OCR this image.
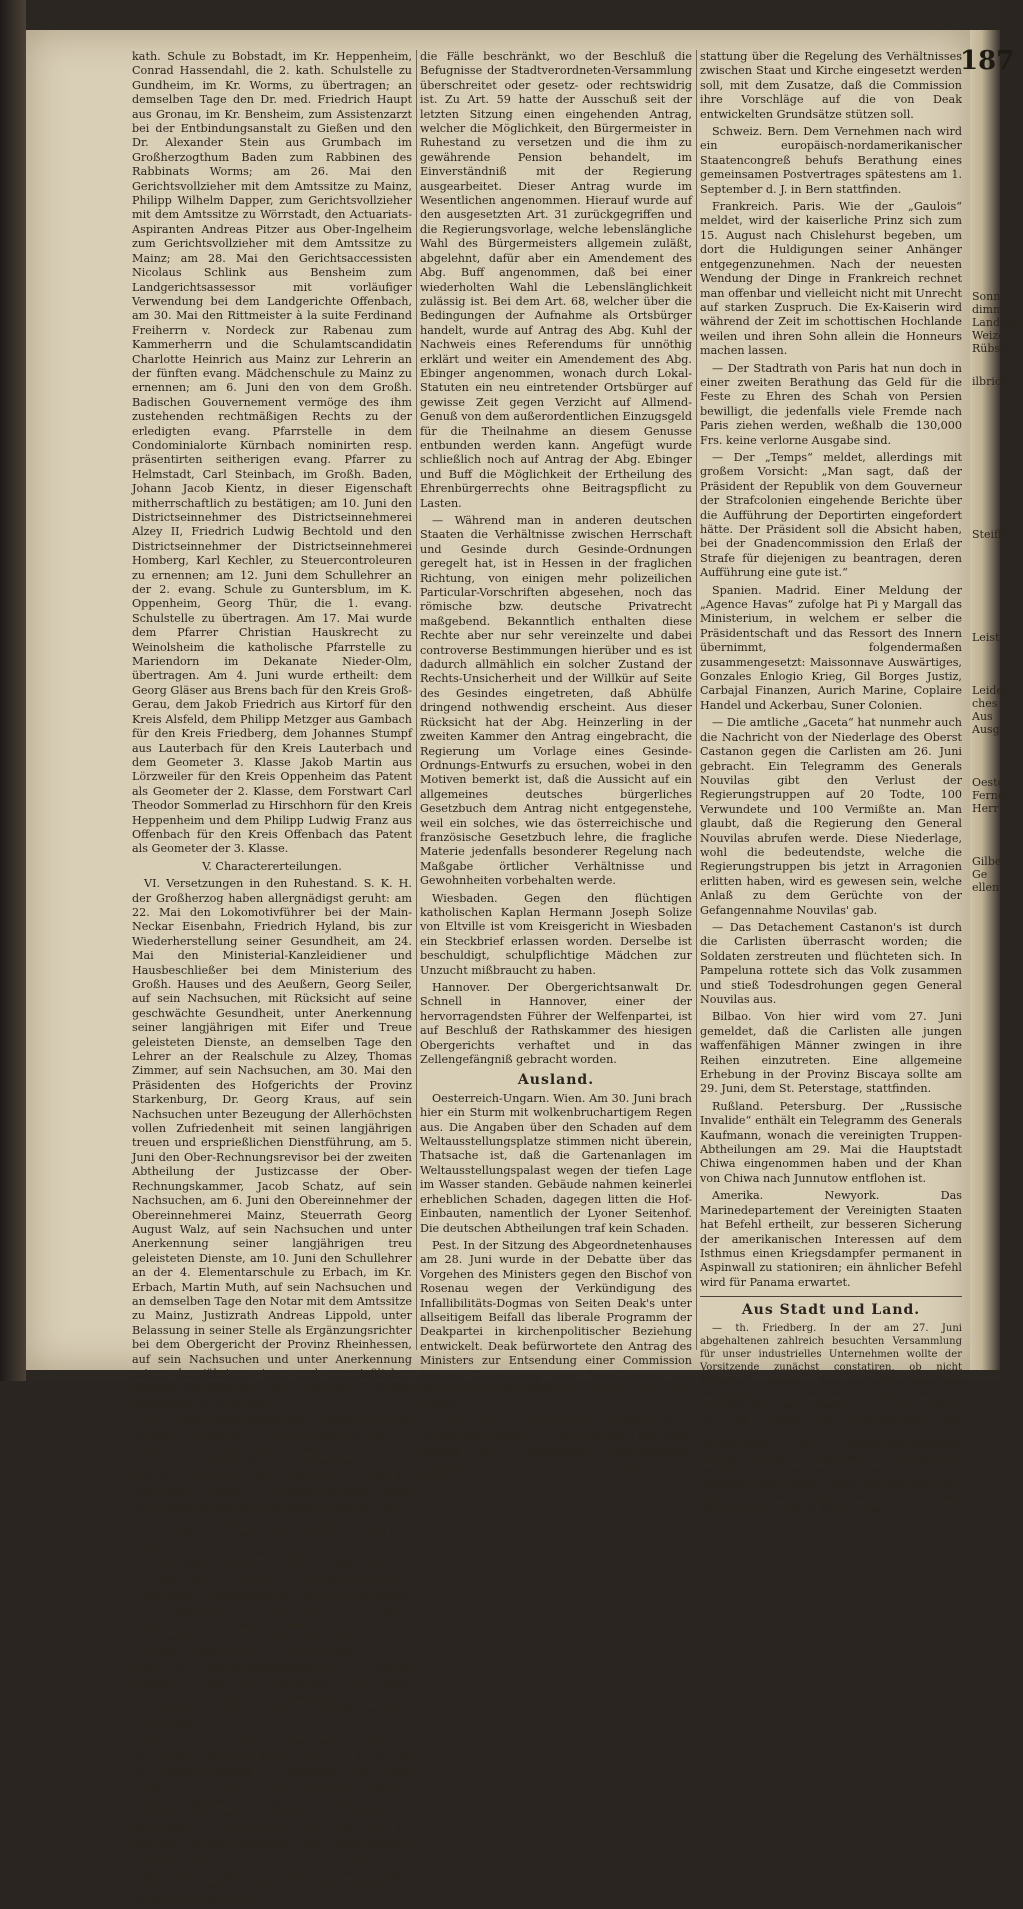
187

kath. Schule zu Bobstadt, im Kr. Heppenheim, Conrad Hassendahl, die 2. kath. Schulstelle zu Gundheim, im Kr. Worms, zu übertragen; an demselben Tage den Dr. med. Friedrich Haupt aus Gronau, im Kr. Bensheim, zum Assistenzarzt bei der Entbindungsanstalt zu Gießen und den Dr. Alexander Stein aus Grumbach im Großherzogthum Baden zum Rabbinen des Rabbinats Worms; am 26. Mai den Gerichtsvollzieher mit dem Amtssitze zu Mainz, Philipp Wilhelm Dapper, zum Gerichtsvollzieher mit dem Amtssitze zu Wörrstadt, den Actuariats-Aspiranten Andreas Pitzer aus Ober-Ingelheim zum Gerichtsvollzieher mit dem Amtssitze zu Mainz; am 28. Mai den Gerichtsaccessisten Nicolaus Schlink aus Bensheim zum Landgerichtsassessor mit vorläufiger Verwendung bei dem Landgerichte Offenbach, am 30. Mai den Rittmeister à la suite Ferdinand Freiherrn v. Nordeck zur Rabenau zum Kammerherrn und die Schulamtscandidatin Charlotte Heinrich aus Mainz zur Lehrerin an der fünften evang. Mädchenschule zu Mainz zu ernennen; am 6. Juni den von dem Großh. Badischen Gouvernement vermöge des ihm zustehenden rechtmäßigen Rechts zu der erledigten evang. Pfarrstelle in dem Condominialorte Kürnbach nominirten resp. präsentirten seitherigen evang. Pfarrer zu Helmstadt, Carl Steinbach, im Großh. Baden, Johann Jacob Kientz, in dieser Eigenschaft mitherrschaftlich zu bestätigen; am 10. Juni den Districtseinnehmer des Districtseinnehmerei Alzey II, Friedrich Ludwig Bechtold und den Districtseinnehmer der Districtseinnehmerei Homberg, Karl Kechler, zu Steuercontroleuren zu ernennen; am 12. Juni dem Schullehrer an der 2. evang. Schule zu Guntersblum, im K. Oppenheim, Georg Thür, die 1. evang. Schulstelle zu übertragen. Am 17. Mai wurde dem Pfarrer Christian Hauskrecht zu Weinolsheim die katholische Pfarrstelle zu Mariendorn im Dekanate Nieder-Olm, übertragen. Am 4. Juni wurde ertheilt: dem Georg Gläser aus Brens bach für den Kreis Groß-Gerau, dem Jakob Friedrich aus Kirtorf für den Kreis Alsfeld, dem Philipp Metzger aus Gambach für den Kreis Friedberg, dem Johannes Stumpf aus Lauterbach für den Kreis Lauterbach und dem Geometer 3. Klasse Jakob Martin aus Lörzweiler für den Kreis Oppenheim das Patent als Geometer der 2. Klasse, dem Forstwart Carl Theodor Sommerlad zu Hirschhorn für den Kreis Heppenheim und dem Philipp Ludwig Franz aus Offenbach für den Kreis Offenbach das Patent als Geometer der 3. Klasse.

V. Charactererteilungen.

VI. Versetzungen in den Ruhestand. S. K. H. der Großherzog haben allergnädigst geruht: am 22. Mai den Lokomotivführer bei der Main-Neckar Eisenbahn, Friedrich Hyland, bis zur Wiederherstellung seiner Gesundheit, am 24. Mai den Ministerial-Kanzleidiener und Hausbeschließer bei dem Ministerium des Großh. Hauses und des Aeußern, Georg Seiler, auf sein Nachsuchen, mit Rücksicht auf seine geschwächte Gesundheit, unter Anerkennung seiner langjährigen mit Eifer und Treue geleisteten Dienste, an demselben Tage den Lehrer an der Realschule zu Alzey, Thomas Zimmer, auf sein Nachsuchen, am 30. Mai den Präsidenten des Hofgerichts der Provinz Starkenburg, Dr. Georg Kraus, auf sein Nachsuchen unter Bezeugung der Allerhöchsten vollen Zufriedenheit mit seinen langjährigen treuen und ersprießlichen Dienstführung, am 5. Juni den Ober-Rechnungsrevisor bei der zweiten Abtheilung der Justizcasse der Ober-Rechnungskammer, Jacob Schatz, auf sein Nachsuchen, am 6. Juni den Obereinnehmer der Obereinnehmerei Mainz, Steuerrath Georg August Walz, auf sein Nachsuchen und unter Anerkennung seiner langjährigen treu geleisteten Dienste, am 10. Juni den Schullehrer an der 4. Elementarschule zu Erbach, im Kr. Erbach, Martin Muth, auf sein Nachsuchen und an demselben Tage den Notar mit dem Amtssitze zu Mainz, Justizrath Andreas Lippold, unter Belassung in seiner Stelle als Ergänzungsrichter bei dem Obergericht der Provinz Rheinhessen, auf sein Nachsuchen und unter Anerkennung seiner langjährigen treu und ersprießlichen Dienste, mit Wirkung vom 1. August l. J. in den Ruhestand zu versetzen.

VII. Concurrenzeröffnungen. Erledigt sind: die evang. Schulstelle zu Groß-Ellenbach, im Kr. Lindenfels, mit einem jährl. Gehalte von 400 fl.; die evang. Schulstelle zu Gammelsbach, im Kr. Erbach, mit einem jährl. Gehalte von 400 fl.; dem Herrn Grafen zu Erbach-Fürstenau steht das Präsentationsrecht zu dieser Stelle zu; die 3. evang. Schulstelle zu Oberstadt, im Kr. Darmstadt, mit einem jährl. Gehalte von 650 fl.

VIII. Sterbefälle. Gestorben sind: am 14. Mai der Schullehrer Heinrich Raeß zu Offenbach; am 17. Mai der pensionirte Landgerichts-Actuar Schnauber zu Reinheim; am 26. der Schullehrer Paul Ziegelbauer zu Worms; am 30. der pens. Substitut des General-Staatsprocurators am Obergericht der Provinz Rheinhessen, Dr. Cornelius Balkenberg zu Heppenheim; am 5. Juni der Obereichungsinspector 1. Klasse Heinrich Weiß zu Darmstadt, ein pens. Gensdarm Johann Frauenheimer II. zu Ulrichstein; am 14. der Districtseinnehmer Keim zu Friedberg.

Darmstadt, 30. Juni. In der heutigen Sitzung der zweiten Kammer kamen die Art. 49 bis 68 der Städte-Ordnung zur Annahme, und zwar wesentlich in der von der Ausschuß-Majorität vorgeschlagenen Fassung, soweit nicht einfach Annahme der Regierungsvorlage beantragt war. Wir heben im Uebrigen nur hervor: Bei Art. 49, welcher von den Geschäften des Bürgermeisters handelt, wird das den letzteren nach der Regierungs-Vorlage zu gebende beabsichtigte Recht zur Beanstandung von Beschlüssen der Stadtverordneten auf

die Fälle beschränkt, wo der Beschluß die Befugnisse der Stadtverordneten-Versammlung überschreitet oder gesetz- oder rechtswidrig ist. Zu Art. 59 hatte der Ausschuß seit der letzten Sitzung einen eingehenden Antrag, welcher die Möglichkeit, den Bürgermeister in Ruhestand zu versetzen und die ihm zu gewährende Pension behandelt, im Einverständniß mit der Regierung ausgearbeitet. Dieser Antrag wurde im Wesentlichen angenommen. Hierauf wurde auf den ausgesetzten Art. 31 zurückgegriffen und die Regierungsvorlage, welche lebenslängliche Wahl des Bürgermeisters allgemein zuläßt, abgelehnt, dafür aber ein Amendement des Abg. Buff angenommen, daß bei einer wiederholten Wahl die Lebenslänglichkeit zulässig ist. Bei dem Art. 68, welcher über die Bedingungen der Aufnahme als Ortsbürger handelt, wurde auf Antrag des Abg. Kuhl der Nachweis eines Referendums für unnöthig erklärt und weiter ein Amendement des Abg. Ebinger angenommen, wonach durch Lokal-Statuten ein neu eintretender Ortsbürger auf gewisse Zeit gegen Verzicht auf Allmend-Genuß von dem außerordentlichen Einzugsgeld für die Theilnahme an diesem Genusse entbunden werden kann. Angefügt wurde schließlich noch auf Antrag der Abg. Ebinger und Buff die Möglichkeit der Ertheilung des Ehrenbürgerrechts ohne Beitragspflicht zu Lasten.

— Während man in anderen deutschen Staaten die Verhältnisse zwischen Herrschaft und Gesinde durch Gesinde-Ordnungen geregelt hat, ist in Hessen in der fraglichen Richtung, von einigen mehr polizeilichen Particular-Vorschriften abgesehen, noch das römische bzw. deutsche Privatrecht maßgebend. Bekanntlich enthalten diese Rechte aber nur sehr vereinzelte und dabei controverse Bestimmungen hierüber und es ist dadurch allmählich ein solcher Zustand der Rechts-Unsicherheit und der Willkür auf Seite des Gesindes eingetreten, daß Abhülfe dringend nothwendig erscheint. Aus dieser Rücksicht hat der Abg. Heinzerling in der zweiten Kammer den Antrag eingebracht, die Regierung um Vorlage eines Gesinde-Ordnungs-Entwurfs zu ersuchen, wobei in den Motiven bemerkt ist, daß die Aussicht auf ein allgemeines deutsches bürgerliches Gesetzbuch dem Antrag nicht entgegenstehe, weil ein solches, wie das österreichische und französische Gesetzbuch lehre, die fragliche Materie jedenfalls besonderer Regelung nach Maßgabe örtlicher Verhältnisse und Gewohnheiten vorbehalten werde.

Wiesbaden. Gegen den flüchtigen katholischen Kaplan Hermann Joseph Solize von Eltville ist vom Kreisgericht in Wiesbaden ein Steckbrief erlassen worden. Derselbe ist beschuldigt, schulpflichtige Mädchen zur Unzucht mißbraucht zu haben.

Hannover. Der Obergerichtsanwalt Dr. Schnell in Hannover, einer der hervorragendsten Führer der Welfenpartei, ist auf Beschluß der Rathskammer des hiesigen Obergerichts verhaftet und in das Zellengefängniß gebracht worden.

Ausland.

Oesterreich-Ungarn. Wien. Am 30. Juni brach hier ein Sturm mit wolkenbruchartigem Regen aus. Die Angaben über den Schaden auf dem Weltausstellungsplatze stimmen nicht überein, Thatsache ist, daß die Gartenanlagen im Weltausstellungspalast wegen der tiefen Lage im Wasser standen. Gebäude nahmen keinerlei erheblichen Schaden, dagegen litten die Hof-Einbauten, namentlich der Lyoner Seitenhof. Die deutschen Abtheilungen traf kein Schaden.

Pest. In der Sitzung des Abgeordnetenhauses am 28. Juni wurde in der Debatte über das Vorgehen des Ministers gegen den Bischof von Rosenau wegen der Verkündigung des Infallibilitäts-Dogmas von Seiten Deak's unter allseitigem Beifall das liberale Programm der Deakpartei in kirchenpolitischer Beziehung entwickelt. Deak befürwortete den Antrag des Ministers zur Entsendung einer Commission behufs Einrichtung von Vorschlägen zur Regelung des Verhältnisses zwischen Staat und Kirche.

— Der ungarisch-kroatische Ausgleich ist zu Stande gekommen. — Das Unterhaus hat einen Antrag des Cultusministers angenommen, dahingehend, daß eine Commission zur Bericht-Er-

stattung über die Regelung des Verhältnisses zwischen Staat und Kirche eingesetzt werden soll, mit dem Zusatze, daß die Commission ihre Vorschläge auf die von Deak entwickelten Grundsätze stützen soll.

Schweiz. Bern. Dem Vernehmen nach wird ein europäisch-nordamerikanischer Staatencongreß behufs Berathung eines gemeinsamen Postvertrages spätestens am 1. September d. J. in Bern stattfinden.

Frankreich. Paris. Wie der „Gaulois“ meldet, wird der kaiserliche Prinz sich zum 15. August nach Chislehurst begeben, um dort die Huldigungen seiner Anhänger entgegenzunehmen. Nach der neuesten Wendung der Dinge in Frankreich rechnet man offenbar und vielleicht nicht mit Unrecht auf starken Zuspruch. Die Ex-Kaiserin wird während der Zeit im schottischen Hochlande weilen und ihren Sohn allein die Honneurs machen lassen.

— Der Stadtrath von Paris hat nun doch in einer zweiten Berathung das Geld für die Feste zu Ehren des Schah von Persien bewilligt, die jedenfalls viele Fremde nach Paris ziehen werden, weßhalb die 130,000 Frs. keine verlorne Ausgabe sind.

— Der „Temps“ meldet, allerdings mit großem Vorsicht: „Man sagt, daß der Präsident der Republik von dem Gouverneur der Strafcolonien eingehende Berichte über die Aufführung der Deportirten eingefordert hätte. Der Präsident soll die Absicht haben, bei der Gnadencommission den Erlaß der Strafe für diejenigen zu beantragen, deren Aufführung eine gute ist.“

Spanien. Madrid. Einer Meldung der „Agence Havas“ zufolge hat Pi y Margall das Ministerium, in welchem er selber die Präsidentschaft und das Ressort des Innern übernimmt, folgendermaßen zusammengesetzt: Maissonnave Auswärtiges, Gonzales Enlogio Krieg, Gil Borges Justiz, Carbajal Finanzen, Aurich Marine, Coplaire Handel und Ackerbau, Suner Colonien.

— Die amtliche „Gaceta“ hat nunmehr auch die Nachricht von der Niederlage des Oberst Castanon gegen die Carlisten am 26. Juni gebracht. Ein Telegramm des Generals Nouvilas gibt den Verlust der Regierungstruppen auf 20 Todte, 100 Verwundete und 100 Vermißte an. Man glaubt, daß die Regierung den General Nouvilas abrufen werde. Diese Niederlage, wohl die bedeutendste, welche die Regierungstruppen bis jetzt in Arragonien erlitten haben, wird es gewesen sein, welche Anlaß zu dem Gerüchte von der Gefangennahme Nouvilas' gab.

— Das Detachement Castanon's ist durch die Carlisten überrascht worden; die Soldaten zerstreuten und flüchteten sich. In Pampeluna rottete sich das Volk zusammen und stieß Todesdrohungen gegen General Nouvilas aus.

Bilbao. Von hier wird vom 27. Juni gemeldet, daß die Carlisten alle jungen waffenfähigen Männer zwingen in ihre Reihen einzutreten. Eine allgemeine Erhebung in der Provinz Biscaya sollte am 29. Juni, dem St. Peterstage, stattfinden.

Rußland. Petersburg. Der „Russische Invalide“ enthält ein Telegramm des Generals Kaufmann, wonach die vereinigten Truppen-Abtheilungen am 29. Mai die Hauptstadt Chiwa eingenommen haben und der Khan von Chiwa nach Junnutow entflohen ist.

Amerika. Newyork. Das Marinedepartement der Vereinigten Staaten hat Befehl ertheilt, zur besseren Sicherung der amerikanischen Interessen auf dem Isthmus einen Kriegsdampfer permanent in Aspinwall zu stationiren; ein ähnlicher Befehl wird für Panama erwartet.

Aus Stadt und Land.

— th. Friedberg. In der am 27. Juni abgehaltenen zahlreich besuchten Versammlung für unser industrielles Unternehmen wollte der Vorsitzende zunächst constatiren, ob nicht Bedenken gegen die Industrie-Ausstellung bestanden seien. Alle, welche hierauf das Wort ergriffen, sprachen indessen nicht gegen, sondern für das Projekt, die Ausführbarkeit und Nützlichkeit desselben in allen Richtungen hervorhebend. Zur Ausführungscommission wurden vorerst 18 Personen für hinreichend, welche sich aus den verschiedenen Branchen in 6 Sectionen theilen sollen. Allein man sah sofort ein, daß es nicht wohl möglich sei, in einer großen Versammlung rasch 18 Männer speciell

Sonner
dimmer
Landwirt
Weizen,
Rübsel
ilbrich
Steiffe
Leist
Leiden
ches Aus
Ausgab
Oesterr
Ferner
Herr
Gilber
Ge
ellenun
